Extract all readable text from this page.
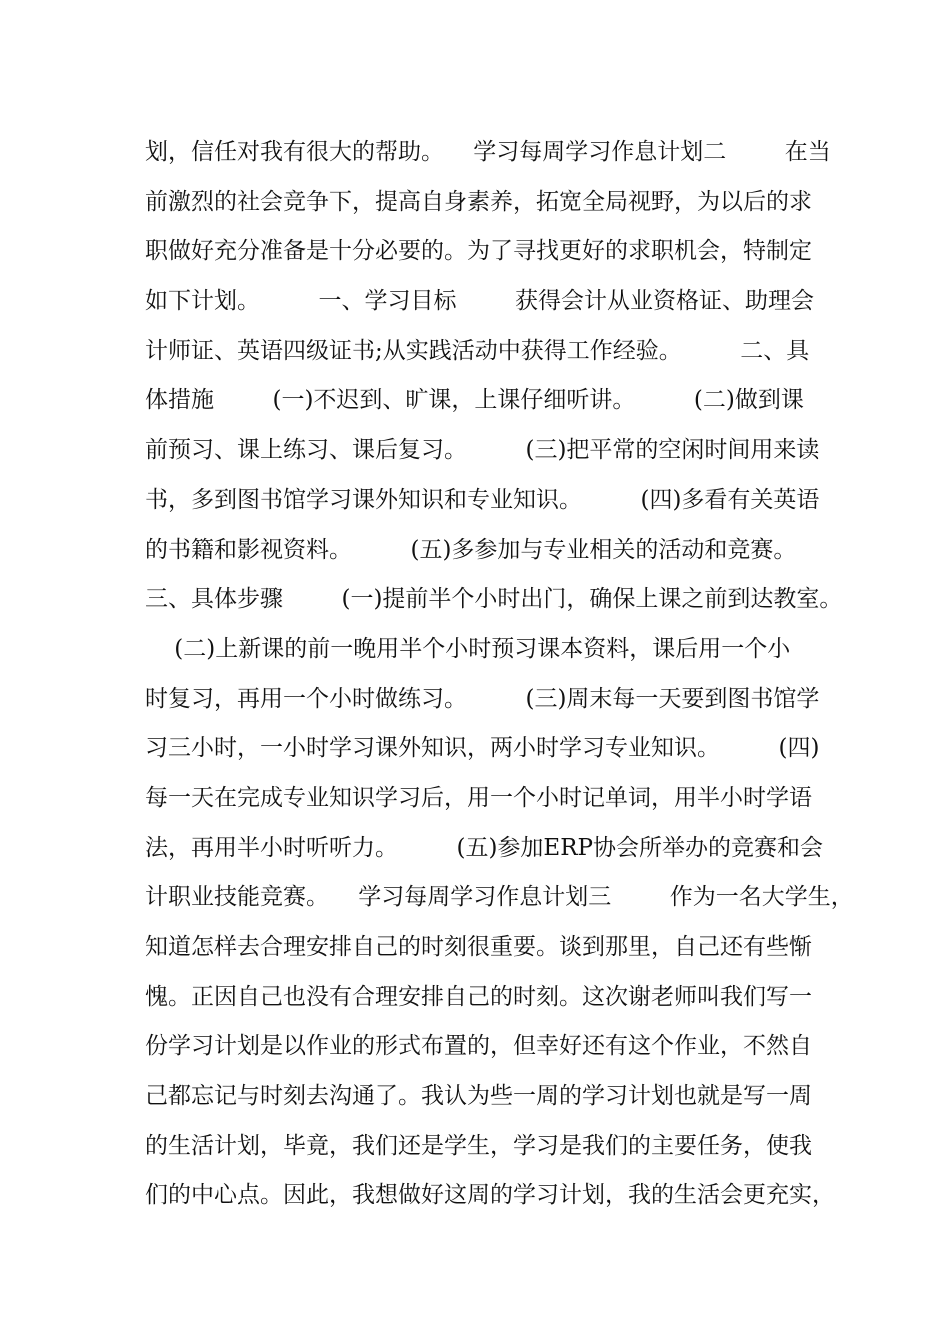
划，信任对我有很大的帮助。    学习每周学习作息计划二        在当
前激烈的社会竞争下，提高自身素养，拓宽全局视野，为以后的求
职做好充分准备是十分必要的。为了寻找更好的求职机会，特制定
如下计划。        一、学习目标        获得会计从业资格证、助理会
计师证、英语四级证书;从实践活动中获得工作经验。        二、具
体措施        (一)不迟到、旷课，上课仔细听讲。        (二)做到课
前预习、课上练习、课后复习。        (三)把平常的空闲时间用来读
书，多到图书馆学习课外知识和专业知识。        (四)多看有关英语
的书籍和影视资料。        (五)多参加与专业相关的活动和竞赛。
三、具体步骤        (一)提前半个小时出门，确保上课之前到达教室。
(二)上新课的前一晚用半个小时预习课本资料，课后用一个小
时复习，再用一个小时做练习。        (三)周末每一天要到图书馆学
习三小时，一小时学习课外知识，两小时学习专业知识。        (四)
每一天在完成专业知识学习后，用一个小时记单词，用半小时学语
法，再用半小时听听力。        (五)参加ERP协会所举办的竞赛和会
计职业技能竞赛。    学习每周学习作息计划三        作为一名大学生，
知道怎样去合理安排自己的时刻很重要。谈到那里，自己还有些惭
愧。正因自己也没有合理安排自己的时刻。这次谢老师叫我们写一
份学习计划是以作业的形式布置的，但幸好还有这个作业，不然自
己都忘记与时刻去沟通了。我认为些一周的学习计划也就是写一周
的生活计划，毕竟，我们还是学生，学习是我们的主要任务，使我
们的中心点。因此，我想做好这周的学习计划，我的生活会更充实，
